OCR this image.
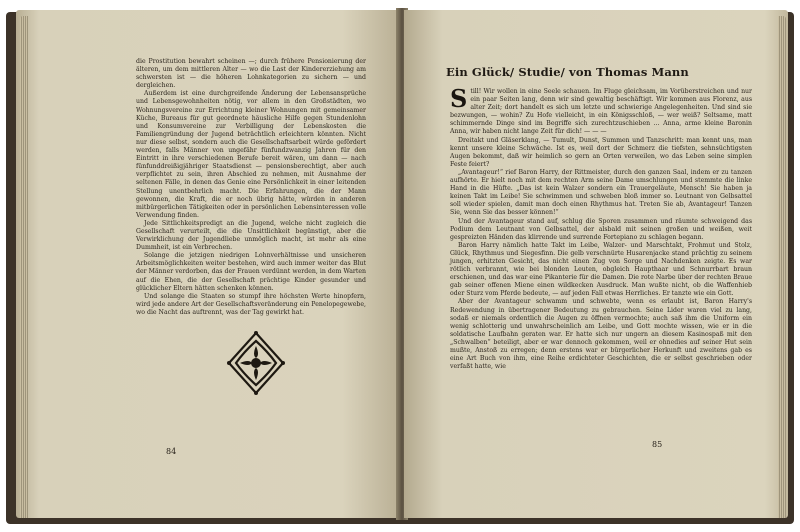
die Prostitution bewahrt scheinen —; durch frühere Pensionierung der älteren, um dem mittleren Alter — wo die Last der Kindererziehung am schwersten ist — die höheren Lohnkategorien zu sichern — und dergleichen.

Außerdem ist eine durchgreifende Änderung der Lebensansprüche und Lebensgewohnheiten nötig, vor allem in den Großstädten, wo Wohnungsvereine zur Errichtung kleiner Wohnungen mit gemeinsamer Küche, Bureaus für gut geordnete häusliche Hilfe gegen Stundenlohn und Konsumvereine zur Verbilligung der Lebenskosten die Familiengründung der Jugend beträchtlich erleichtern könnten. Nicht nur diese selbst, sondern auch die Gesellschaftsarbeit würde gefördert werden, falls Männer von ungefähr fünfundzwanzig Jahren für den Eintritt in ihre verschiedenen Berufe bereit wären, um dann — nach fünfunddreißigjähriger Staatsdienst — pensionsberechtigt, aber auch verpflichtet zu sein, ihren Abschied zu nehmen, mit Ausnahme der seltenen Fälle, in denen das Genie eine Persönlichkeit in einer leitenden Stellung unentbehrlich macht. Die Erfahrungen, die der Mann gewonnen, die Kraft, die er noch übrig hätte, würden in anderen mitbürgerlichen Tätigkeiten oder in persönlichen Lebensinteressen volle Verwendung finden.

Jede Sittlichkeitspredigt an die Jugend, welche nicht zugleich die Gesellschaft verurteilt, die die Unsittlichkeit begünstigt, aber die Verwirklichung der Jugendliebe unmöglich macht, ist mehr als eine Dummheit, ist ein Verbrechen.

Solange die jetzigen niedrigen Lohnverhältnisse und unsicheren Arbeitsmöglichkeiten weiter bestehen, wird auch immer weiter das Blut der Männer verdorben, das der Frauen verdünnt werden, in dem Warten auf die Ehen, die der Gesellschaft prächtige Kinder gesunder und glücklicher Eltern hätten schenken können.

Und solange die Staaten so stumpf ihre höchsten Werte hinopfern, wird jede andere Art der Gesellschaftsveränderung ein Penelopegewebe, wo die Nacht das auftrennt, was der Tag gewirkt hat.

84
Ein Glück/ Studie/ von Thomas Mann

Still! Wir wollen in eine Seele schauen. Im Fluge gleichsam, im Vorüberstreichen und nur ein paar Seiten lang, denn wir sind gewaltig beschäftigt. Wir kommen aus Florenz, aus alter Zeit; dort handelt es sich um letzte und schwierige Angelegenheiten. Und sind sie bezwungen, — wohin? Zu Hofe vielleicht, in ein Königsschloß, — wer weiß? Seltsame, matt schimmernde Dinge sind im Begriffe sich zurechtzuschieben ... Anna, arme kleine Baronin Anna, wir haben nicht lange Zeit für dich! — — —

Dreitakt und Gläserklang, — Tumult, Dunst, Summen und Tanzschritt: man kennt uns, man kennt unsere kleine Schwäche. Ist es, weil dort der Schmerz die tiefsten, sehnsüchtigsten Augen bekommt, daß wir heimlich so gern an Orten verweilen, wo das Leben seine simplen Feste feiert?

„Avantageur!“ rief Baron Harry, der Rittmeister, durch den ganzen Saal, indem er zu tanzen aufhörte. Er hielt noch mit dem rechten Arm seine Dame umschlungen und stemmte die linke Hand in die Hüfte. „Das ist kein Walzer sondern ein Trauergeläute, Mensch! Sie haben ja keinen Takt im Leibe! Sie schwimmen und schweben bloß immer so. Leutnant von Gelbsattel soll wieder spielen, damit man doch einen Rhythmus hat. Treten Sie ab, Avantageur! Tanzen Sie, wenn Sie das besser können!“

Und der Avantageur stand auf, schlug die Sporen zusammen und räumte schweigend das Podium dem Leutnant von Gelbsattel, der alsbald mit seinen großen und weißen, weit gespreizten Händen das klirrende und surrende Fortepiano zu schlagen begann.

Baron Harry nämlich hatte Takt im Leibe, Walzer- und Marschtakt, Frohmut und Stolz, Glück, Rhythmus und Siegesfinn. Die gelb verschnürte Husarenjacke stand prächtig zu seinem jungen, erhitzten Gesicht, das nicht einen Zug von Sorge und Nachdenken zeigte. Es war rötlich verbrannt, wie bei blonden Leuten, obgleich Haupthaar und Schnurrbart braun erschienen, und das war eine Pikanterie für die Damen. Die rote Narbe über der rechten Braue gab seiner offenen Miene einen wildkecken Ausdruck. Man wußte nicht, ob die Waffenhieb oder Sturz vom Pferde bedeute, — auf jeden Fall etwas Herrliches. Er tanzte wie ein Gott.

Aber der Avantageur schwamm und schwebte, wenn es erlaubt ist, Baron Harry's Redewendung in übertragener Bedeutung zu gebrauchen. Seine Lider waren viel zu lang, sodaß er niemals ordentlich die Augen zu öffnen vermochte; auch saß ihm die Uniform ein wenig schlotterig und unwahrscheinlich am Leibe, und Gott mochte wissen, wie er in die soldatische Laufbahn geraten war. Er hatte sich nur ungern an diesem Kasinospaß mit den „Schwalben“ beteiligt, aber er war dennoch gekommen, weil er ohnedies auf seiner Hut sein mußte, Anstoß zu erregen; denn erstens war er bürgerlicher Herkunft und zweitens gab es eine Art Buch von ihm, eine Reihe erdichteter Geschichten, die er selbst geschrieben oder verfaßt hatte, wie

85
